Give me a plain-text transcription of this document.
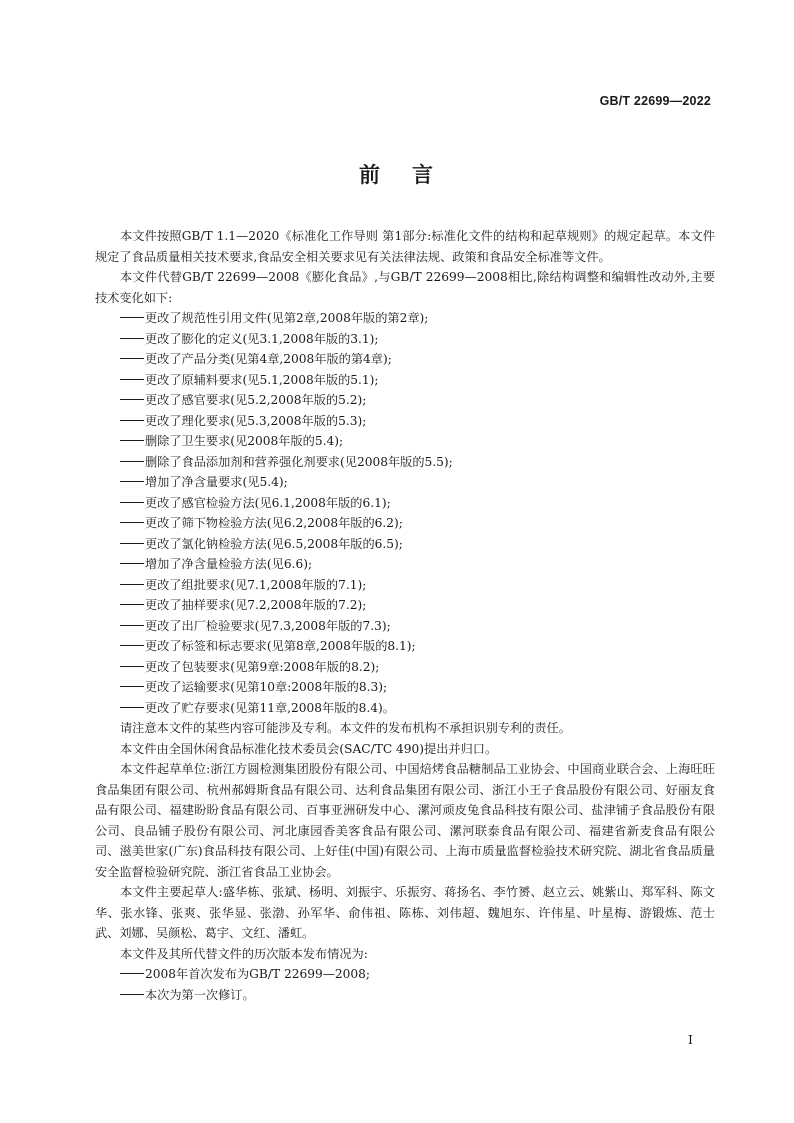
GB/T 22699—2022
前 言

本文件按照GB/T 1.1—2020《标准化工作导则 第1部分:标准化文件的结构和起草规则》的规定起草。本文件规定了食品质量相关技术要求,食品安全相关要求见有关法律法规、政策和食品安全标准等文件。

本文件代替GB/T 22699—2008《膨化食品》,与GB/T 22699—2008相比,除结构调整和编辑性改动外,主要技术变化如下:

更改了规范性引用文件(见第2章,2008年版的第2章);

更改了膨化的定义(见3.1,2008年版的3.1);

更改了产品分类(见第4章,2008年版的第4章);

更改了原辅料要求(见5.1,2008年版的5.1);

更改了感官要求(见5.2,2008年版的5.2);

更改了理化要求(见5.3,2008年版的5.3);

删除了卫生要求(见2008年版的5.4);

删除了食品添加剂和营养强化剂要求(见2008年版的5.5);

增加了净含量要求(见5.4);

更改了感官检验方法(见6.1,2008年版的6.1);

更改了筛下物检验方法(见6.2,2008年版的6.2);

更改了氯化钠检验方法(见6.5,2008年版的6.5);

增加了净含量检验方法(见6.6);

更改了组批要求(见7.1,2008年版的7.1);

更改了抽样要求(见7.2,2008年版的7.2);

更改了出厂检验要求(见7.3,2008年版的7.3);

更改了标签和标志要求(见第8章,2008年版的8.1);

更改了包装要求(见第9章:2008年版的8.2);

更改了运输要求(见第10章:2008年版的8.3);

更改了贮存要求(见第11章,2008年版的8.4)。

请注意本文件的某些内容可能涉及专利。本文件的发布机构不承担识别专利的责任。

本文件由全国休闲食品标准化技术委员会(SAC/TC 490)提出并归口。

本文件起草单位:浙江方圆检测集团股份有限公司、中国焙烤食品糖制品工业协会、中国商业联合会、上海旺旺食品集团有限公司、杭州郝姆斯食品有限公司、达利食品集团有限公司、浙江小王子食品股份有限公司、好丽友食品有限公司、福建盼盼食品有限公司、百事亚洲研发中心、漯河顽皮兔食品科技有限公司、盐津铺子食品股份有限公司、良品铺子股份有限公司、河北康园香美客食品有限公司、漯河联泰食品有限公司、福建省新麦食品有限公司、滋美世家(广东)食品科技有限公司、上好佳(中国)有限公司、上海市质量监督检验技术研究院、湖北省食品质量安全监督检验研究院、浙江省食品工业协会。

本文件主要起草人:盛华栋、张斌、杨明、刘振宇、乐振穷、蒋扬名、李竹赟、赵立云、姚紫山、郑军科、陈文华、张水锋、张爽、张华显、张渤、孙军华、俞伟祖、陈栋、刘伟超、魏旭东、许伟星、叶星梅、游锻炼、范士武、刘娜、吴颜松、葛宇、文红、潘虹。

本文件及其所代替文件的历次版本发布情况为:

2008年首次发布为GB/T 22699—2008;

本次为第一次修订。

I
